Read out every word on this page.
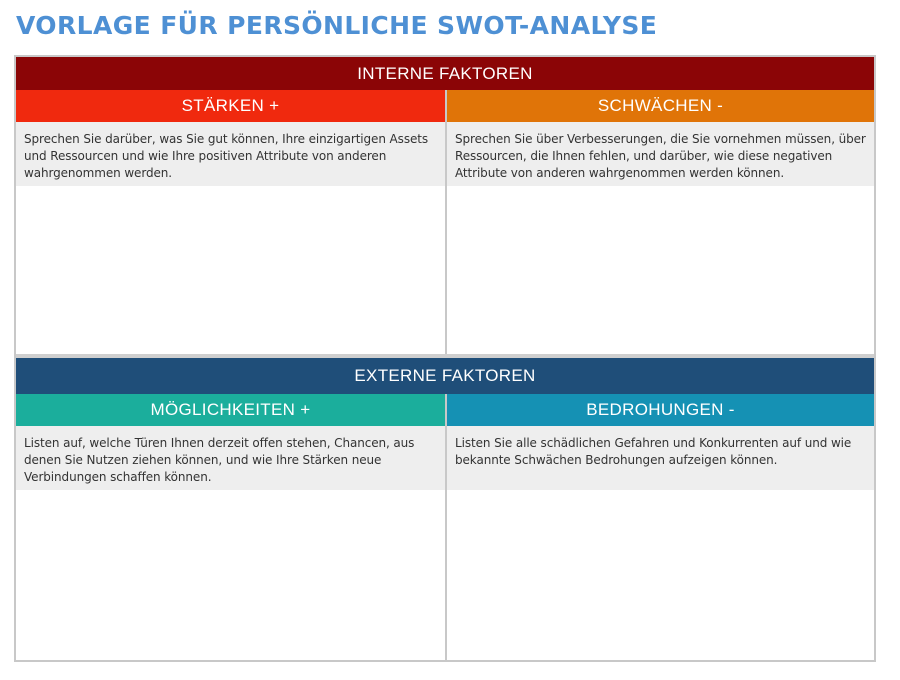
VORLAGE FÜR PERSÖNLICHE SWOT-ANALYSE
INTERNE FAKTOREN
STÄRKEN +	SCHWÄCHEN -
Sprechen Sie darüber, was Sie gut können, Ihre einzigartigen Assets und Ressourcen und wie Ihre positiven Attribute von anderen wahrgenommen werden.
Sprechen Sie über Verbesserungen, die Sie vornehmen müssen, über Ressourcen, die Ihnen fehlen, und darüber, wie diese negativen Attribute von anderen wahrgenommen werden können.
EXTERNE FAKTOREN
MÖGLICHKEITEN +	BEDROHUNGEN -
Listen auf, welche Türen Ihnen derzeit offen stehen, Chancen, aus denen Sie Nutzen ziehen können, und wie Ihre Stärken neue Verbindungen schaffen können.
Listen Sie alle schädlichen Gefahren und Konkurrenten auf und wie bekannte Schwächen Bedrohungen aufzeigen können.
